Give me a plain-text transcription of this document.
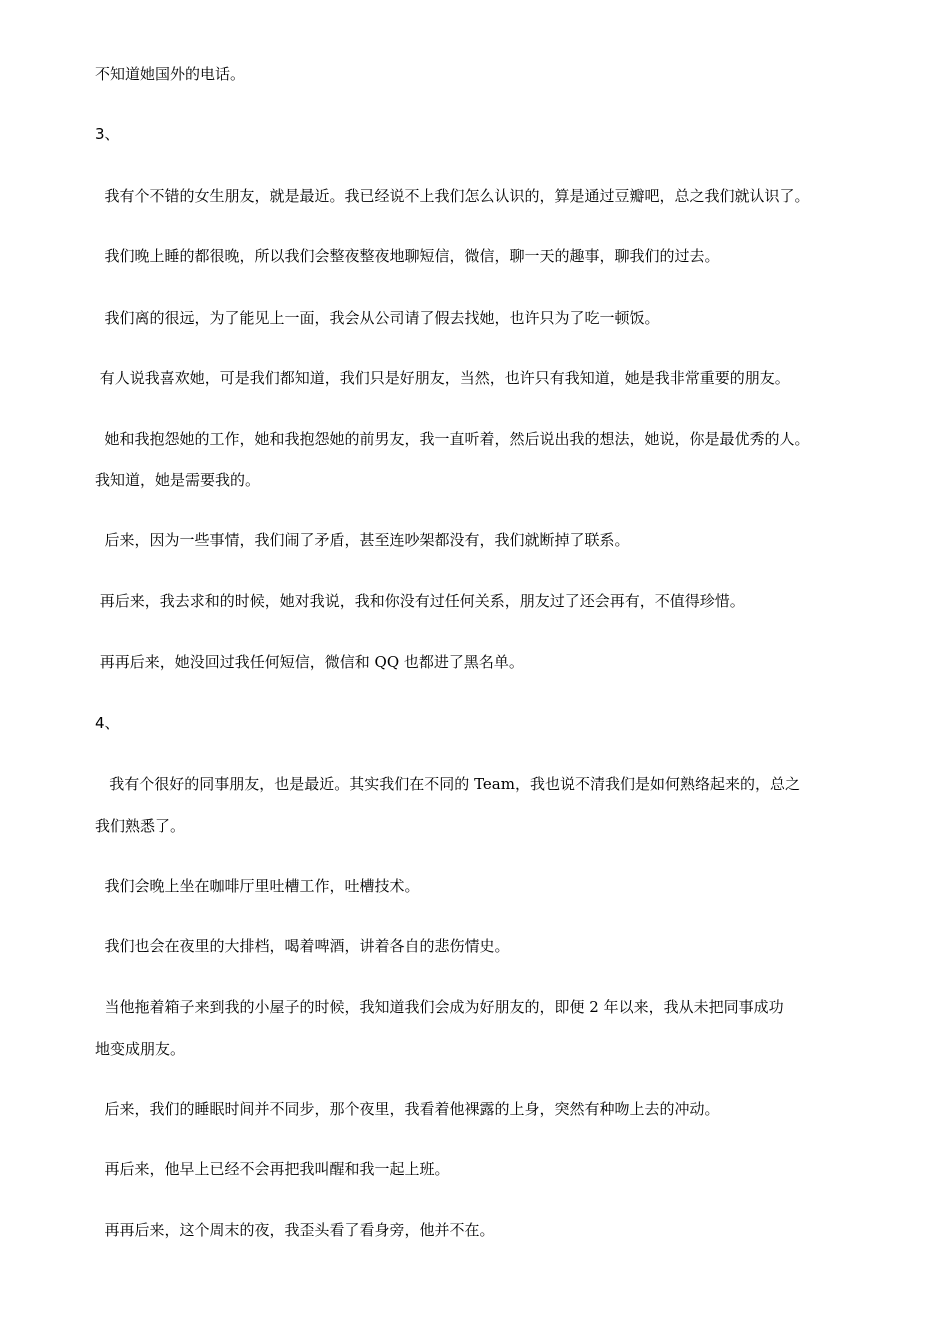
不知道她国外的电话。
3、
我有个不错的女生朋友，就是最近。我已经说不上我们怎么认识的，算是通过豆瓣吧，总之我们就认识了。
我们晚上睡的都很晚，所以我们会整夜整夜地聊短信，微信，聊一天的趣事，聊我们的过去。
我们离的很远，为了能见上一面，我会从公司请了假去找她，也许只为了吃一顿饭。
有人说我喜欢她，可是我们都知道，我们只是好朋友，当然，也许只有我知道，她是我非常重要的朋友。
她和我抱怨她的工作，她和我抱怨她的前男友，我一直听着，然后说出我的想法，她说，你是最优秀的人。
我知道，她是需要我的。
后来，因为一些事情，我们闹了矛盾，甚至连吵架都没有，我们就断掉了联系。
再后来，我去求和的时候，她对我说，我和你没有过任何关系，朋友过了还会再有，不值得珍惜。
再再后来，她没回过我任何短信，微信和 QQ 也都进了黑名单。
4、
我有个很好的同事朋友，也是最近。其实我们在不同的 Team，我也说不清我们是如何熟络起来的，总之
我们熟悉了。
我们会晚上坐在咖啡厅里吐槽工作，吐槽技术。
我们也会在夜里的大排档，喝着啤酒，讲着各自的悲伤情史。
当他拖着箱子来到我的小屋子的时候，我知道我们会成为好朋友的，即便 2 年以来，我从未把同事成功
地变成朋友。
后来，我们的睡眠时间并不同步，那个夜里，我看着他裸露的上身，突然有种吻上去的冲动。
再后来，他早上已经不会再把我叫醒和我一起上班。
再再后来，这个周末的夜，我歪头看了看身旁，他并不在。
